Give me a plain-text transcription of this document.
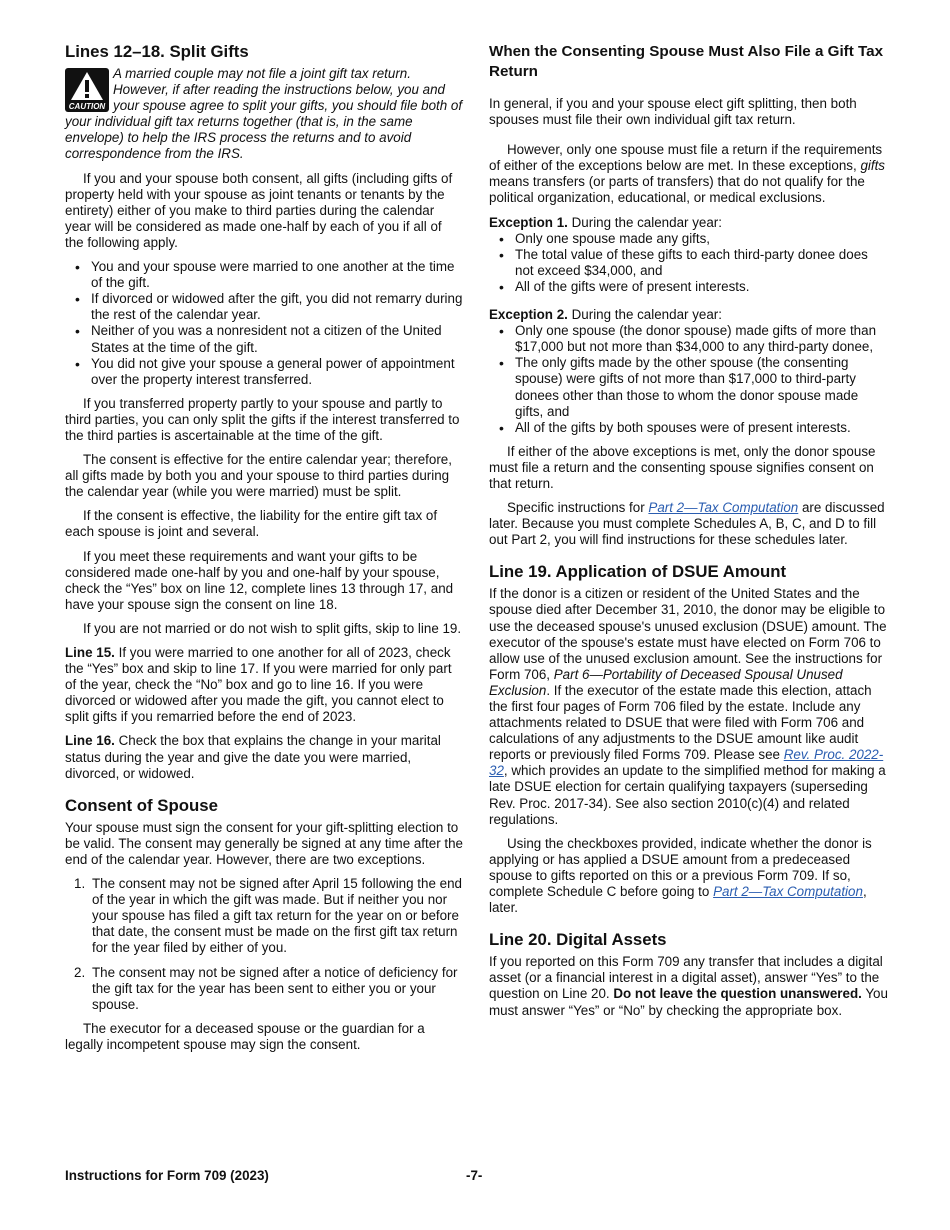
Lines 12–18. Split Gifts
CAUTION
A married couple may not file a joint gift tax return. However, if after reading the instructions below, you and your spouse agree to split your gifts, you should file both of your individual gift tax returns together (that is, in the same envelope) to help the IRS process the returns and to avoid correspondence from the IRS.

If you and your spouse both consent, all gifts (including gifts of property held with your spouse as joint tenants or tenants by the entirety) either of you make to third parties during the calendar year will be considered as made one-half by each of you if all of the following apply.

• You and your spouse were married to one another at the time of the gift.
• If divorced or widowed after the gift, you did not remarry during the rest of the calendar year.
• Neither of you was a nonresident not a citizen of the United States at the time of the gift.
• You did not give your spouse a general power of appointment over the property interest transferred.

If you transferred property partly to your spouse and partly to third parties, you can only split the gifts if the interest transferred to the third parties is ascertainable at the time of the gift.

The consent is effective for the entire calendar year; therefore, all gifts made by both you and your spouse to third parties during the calendar year (while you were married) must be split.

If the consent is effective, the liability for the entire gift tax of each spouse is joint and several.

If you meet these requirements and want your gifts to be considered made one-half by you and one-half by your spouse, check the “Yes” box on line 12, complete lines 13 through 17, and have your spouse sign the consent on line 18.

If you are not married or do not wish to split gifts, skip to line 19.

Line 15. If you were married to one another for all of 2023, check the “Yes” box and skip to line 17. If you were married for only part of the year, check the “No” box and go to line 16. If you were divorced or widowed after you made the gift, you cannot elect to split gifts if you remarried before the end of 2023.

Line 16. Check the box that explains the change in your marital status during the year and give the date you were married, divorced, or widowed.

Consent of Spouse

Your spouse must sign the consent for your gift-splitting election to be valid. The consent may generally be signed at any time after the end of the calendar year. However, there are two exceptions.

1. The consent may not be signed after April 15 following the end of the year in which the gift was made. But if neither you nor your spouse has filed a gift tax return for the year on or before that date, the consent must be made on the first gift tax return for the year filed by either of you.
2. The consent may not be signed after a notice of deficiency for the gift tax for the year has been sent to either you or your spouse.

The executor for a deceased spouse or the guardian for a legally incompetent spouse may sign the consent.

When the Consenting Spouse Must Also File a Gift Tax Return

In general, if you and your spouse elect gift splitting, then both spouses must file their own individual gift tax return.

However, only one spouse must file a return if the requirements of either of the exceptions below are met. In these exceptions, gifts means transfers (or parts of transfers) that do not qualify for the political organization, educational, or medical exclusions.

Exception 1. During the calendar year:

• Only one spouse made any gifts,
• The total value of these gifts to each third-party donee does not exceed $34,000, and
• All of the gifts were of present interests.

Exception 2. During the calendar year:

• Only one spouse (the donor spouse) made gifts of more than $17,000 but not more than $34,000 to any third-party donee,
• The only gifts made by the other spouse (the consenting spouse) were gifts of not more than $17,000 to third-party donees other than those to whom the donor spouse made gifts, and
• All of the gifts by both spouses were of present interests.

If either of the above exceptions is met, only the donor spouse must file a return and the consenting spouse signifies consent on that return.

Specific instructions for Part 2—Tax Computation are discussed later. Because you must complete Schedules A, B, C, and D to fill out Part 2, you will find instructions for these schedules later.

Line 19. Application of DSUE Amount

If the donor is a citizen or resident of the United States and the spouse died after December 31, 2010, the donor may be eligible to use the deceased spouse's unused exclusion (DSUE) amount. The executor of the spouse's estate must have elected on Form 706 to allow use of the unused exclusion amount. See the instructions for Form 706, Part 6—Portability of Deceased Spousal Unused Exclusion. If the executor of the estate made this election, attach the first four pages of Form 706 filed by the estate. Include any attachments related to DSUE that were filed with Form 706 and calculations of any adjustments to the DSUE amount like audit reports or previously filed Forms 709. Please see Rev. Proc. 2022-32, which provides an update to the simplified method for making a late DSUE election for certain qualifying taxpayers (superseding Rev. Proc. 2017-34). See also section 2010(c)(4) and related regulations.

Using the checkboxes provided, indicate whether the donor is applying or has applied a DSUE amount from a predeceased spouse to gifts reported on this or a previous Form 709. If so, complete Schedule C before going to Part 2—Tax Computation, later.

Line 20. Digital Assets

If you reported on this Form 709 any transfer that includes a digital asset (or a financial interest in a digital asset), answer “Yes” to the question on Line 20. Do not leave the question unanswered. You must answer “Yes” or “No” by checking the appropriate box.

Instructions for Form 709 (2023)	-7-
